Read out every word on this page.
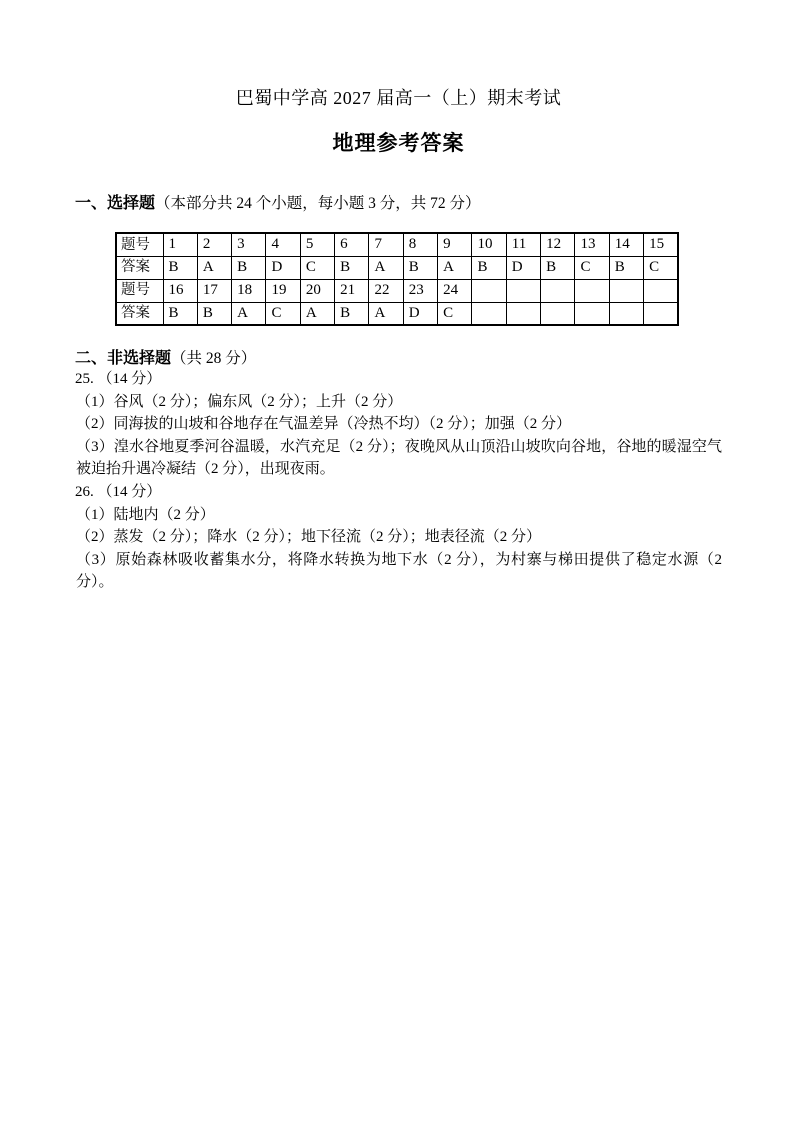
巴蜀中学高 2027 届高一（上）期末考试
地理参考答案
一、选择题（本部分共 24 个小题，每小题 3 分，共 72 分）
题号	1	2	3	4	5	6	7	8	9	10	11	12	13	14	15
答案	B	A	B	D	C	B	A	B	A	B	D	B	C	B	C
题号	16	17	18	19	20	21	22	23	24						
答案	B	B	A	C	A	B	A	D	C						
二、非选择题（共 28 分）

25. （14 分）

（1）谷风（2 分）；偏东风（2 分）；上升（2 分）

（2）同海拔的山坡和谷地存在气温差异（冷热不均）（2 分）；加强（2 分）

（3）湟水谷地夏季河谷温暖，水汽充足（2 分）；夜晚风从山顶沿山坡吹向谷地，谷地的暖湿空气被迫抬升遇冷凝结（2 分），出现夜雨。

26. （14 分）

（1）陆地内（2 分）

（2）蒸发（2 分）；降水（2 分）；地下径流（2 分）；地表径流（2 分）

（3）原始森林吸收蓄集水分，将降水转换为地下水（2 分），为村寨与梯田提供了稳定水源（2 分）。
